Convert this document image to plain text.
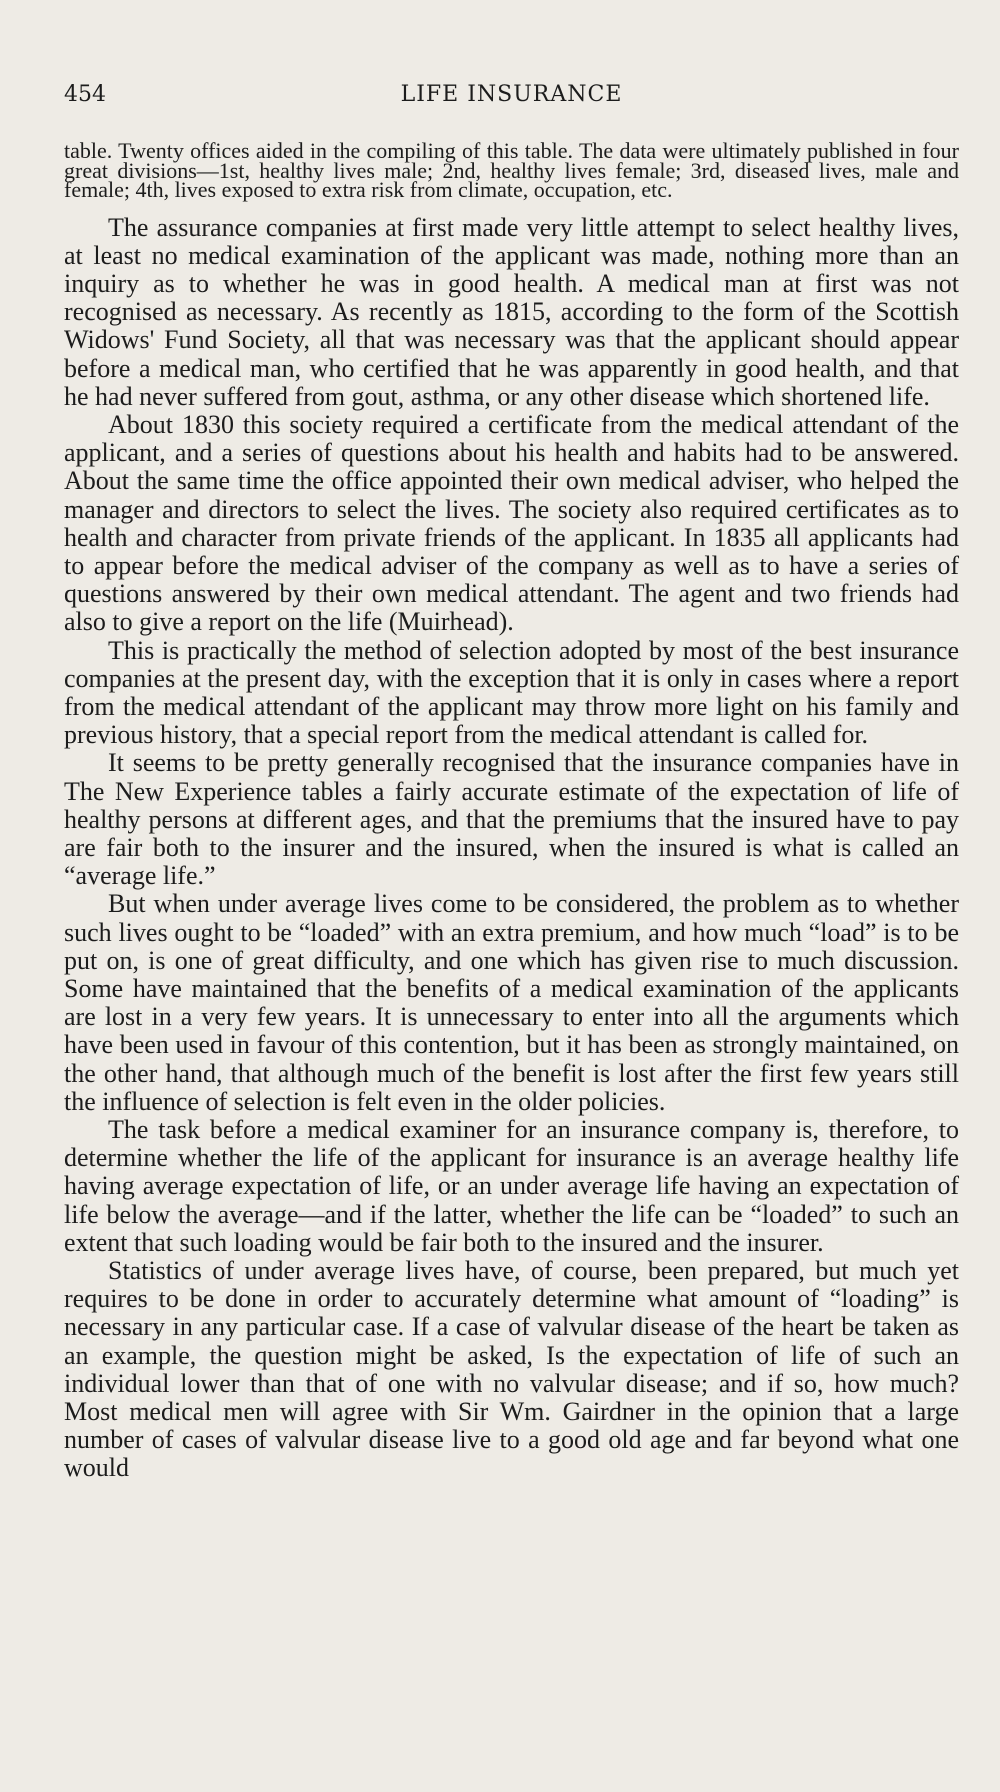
454	LIFE INSURANCE

table. Twenty offices aided in the compiling of this table. The data were ultimately published in four great divisions—1st, healthy lives male; 2nd, healthy lives female; 3rd, diseased lives, male and female; 4th, lives exposed to extra risk from climate, occupation, etc.

The assurance companies at first made very little attempt to select healthy lives, at least no medical examination of the applicant was made, nothing more than an inquiry as to whether he was in good health. A medical man at first was not recognised as necessary. As recently as 1815, according to the form of the Scottish Widows' Fund Society, all that was necessary was that the applicant should appear before a medical man, who certified that he was apparently in good health, and that he had never suffered from gout, asthma, or any other disease which shortened life.

About 1830 this society required a certificate from the medical attendant of the applicant, and a series of questions about his health and habits had to be answered. About the same time the office appointed their own medical adviser, who helped the manager and directors to select the lives. The society also required certificates as to health and character from private friends of the applicant. In 1835 all applicants had to appear before the medical adviser of the company as well as to have a series of questions answered by their own medical attendant. The agent and two friends had also to give a report on the life (Muirhead).

This is practically the method of selection adopted by most of the best insurance companies at the present day, with the exception that it is only in cases where a report from the medical attendant of the applicant may throw more light on his family and previous history, that a special report from the medical attendant is called for.

It seems to be pretty generally recognised that the insurance companies have in The New Experience tables a fairly accurate estimate of the expectation of life of healthy persons at different ages, and that the premiums that the insured have to pay are fair both to the insurer and the insured, when the insured is what is called an “average life.”

But when under average lives come to be considered, the problem as to whether such lives ought to be “loaded” with an extra premium, and how much “load” is to be put on, is one of great difficulty, and one which has given rise to much discussion. Some have maintained that the benefits of a medical examination of the applicants are lost in a very few years. It is unnecessary to enter into all the arguments which have been used in favour of this contention, but it has been as strongly maintained, on the other hand, that although much of the benefit is lost after the first few years still the influence of selection is felt even in the older policies.

The task before a medical examiner for an insurance company is, therefore, to determine whether the life of the applicant for insurance is an average healthy life having average expectation of life, or an under average life having an expectation of life below the average—and if the latter, whether the life can be “loaded” to such an extent that such loading would be fair both to the insured and the insurer.

Statistics of under average lives have, of course, been prepared, but much yet requires to be done in order to accurately determine what amount of “loading” is necessary in any particular case. If a case of valvular disease of the heart be taken as an example, the question might be asked, Is the expectation of life of such an individual lower than that of one with no valvular disease; and if so, how much? Most medical men will agree with Sir Wm. Gairdner in the opinion that a large number of cases of valvular disease live to a good old age and far beyond what one would
